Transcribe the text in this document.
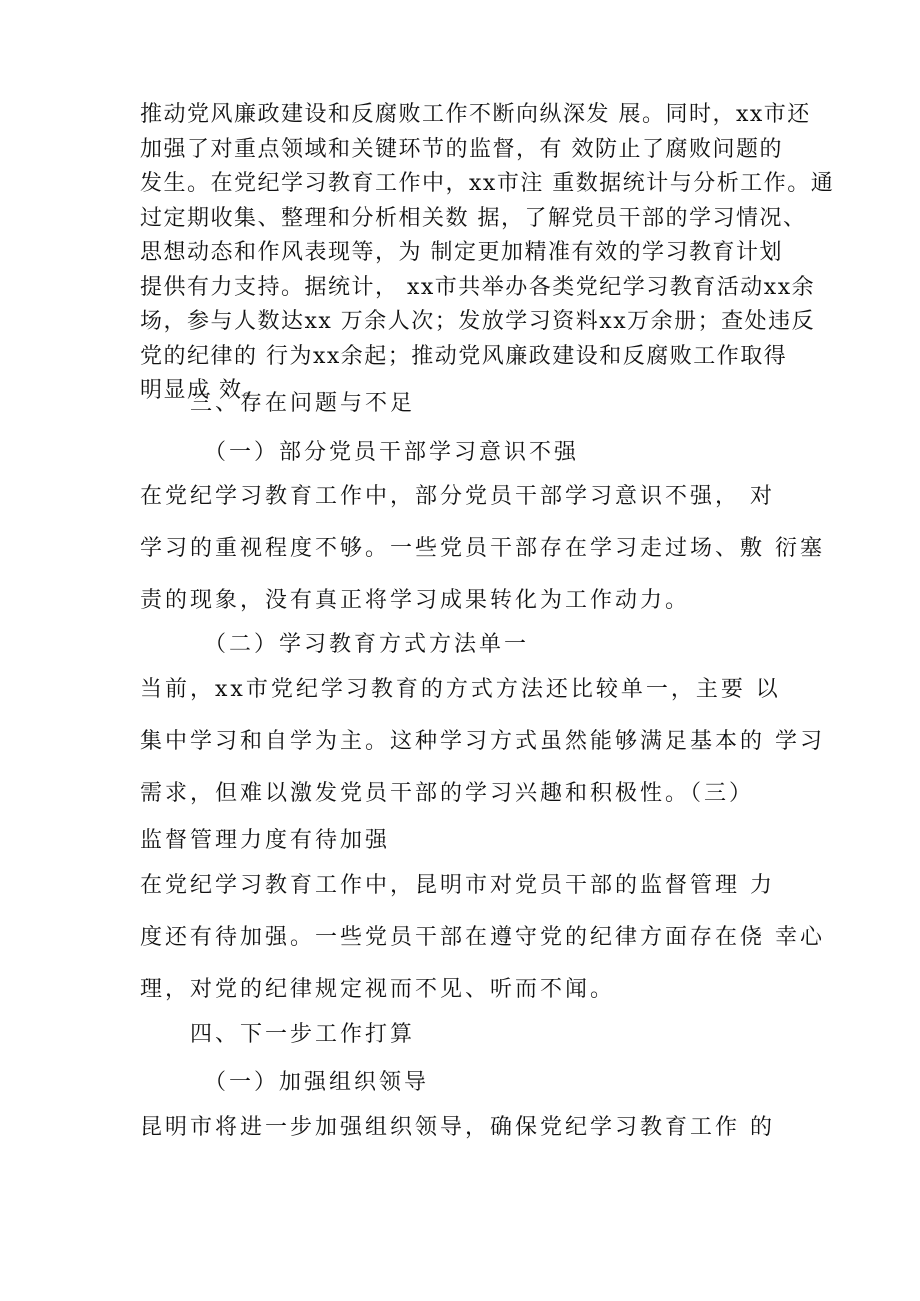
推动党风廉政建设和反腐败工作不断向纵深发 展。同时，xx市还
加强了对重点领域和关键环节的监督，有 效防止了腐败问题的
发生。在党纪学习教育工作中，xx市注 重数据统计与分析工作。通
过定期收集、整理和分析相关数 据，了解党员干部的学习情况、
思想动态和作风表现等，为 制定更加精准有效的学习教育计划
提供有力支持。据统计， xx市共举办各类党纪学习教育活动xx余
场，参与人数达xx 万余人次；发放学习资料xx万余册；查处违反
党的纪律的 行为xx余起；推动党风廉政建设和反腐败工作取得
明显成 效。
三、存在问题与不足
（一）部分党员干部学习意识不强
在党纪学习教育工作中，部分党员干部学习意识不强， 对
学习的重视程度不够。一些党员干部存在学习走过场、敷 衍塞
责的现象，没有真正将学习成果转化为工作动力。
（二）学习教育方式方法单一
当前，xx市党纪学习教育的方式方法还比较单一，主要 以
集中学习和自学为主。这种学习方式虽然能够满足基本的 学习
需求，但难以激发党员干部的学习兴趣和积极性。（三）
监督管理力度有待加强
在党纪学习教育工作中，昆明市对党员干部的监督管理 力
度还有待加强。一些党员干部在遵守党的纪律方面存在侥 幸心
理，对党的纪律规定视而不见、听而不闻。
四、下一步工作打算
（一）加强组织领导
昆明市将进一步加强组织领导，确保党纪学习教育工作 的
